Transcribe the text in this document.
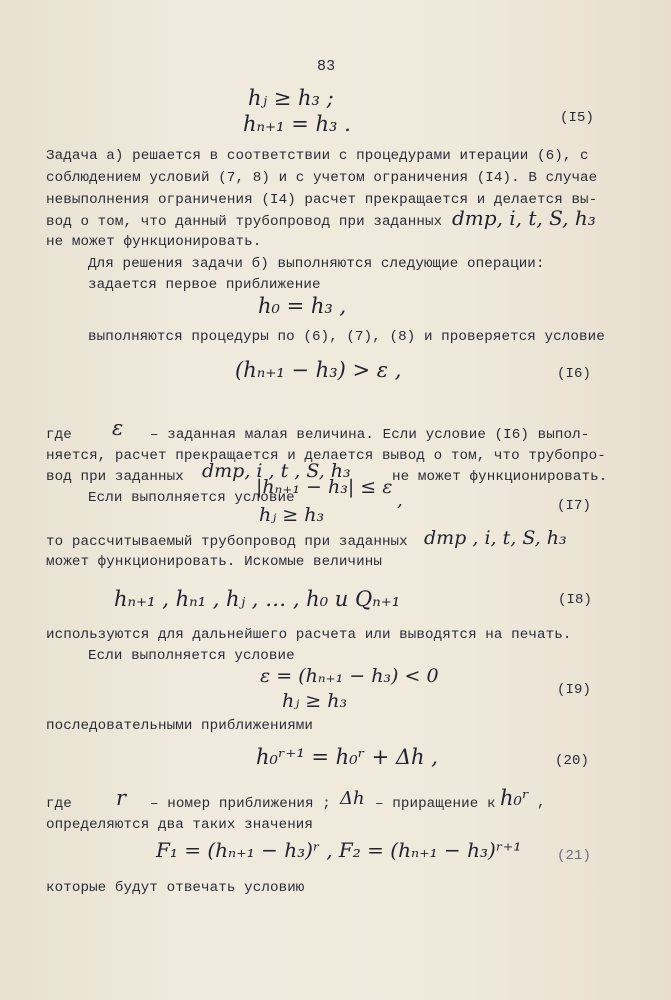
83
hⱼ ≥ h₃ ;
hₙ₊₁ = h₃ .	(I5)
Задача а) решается в соответствии с процедурами итерации (6), с
соблюдением условий (7, 8) и с учетом ограничения (I4). В случае
невыполнения ограничения (I4) расчет прекращается и делается вы-
вод о том, что данный трубопровод при заданных dтр, i, t, S, h₃
не может функционировать.
Для решения задачи б) выполняются следующие операции:
задается первое приближение
h₀ = h₃ ,
выполняются процедуры по (6), (7), (8) и проверяется условие
(hₙ₊₁ − h₃) > ε ,	(I6)
где ε – заданная малая величина. Если условие (I6) выпол-
няется, расчет прекращается и делается вывод о том, что трубопро-
вод при заданных dтр, i , t , S, h₃	не может функционировать.
Если выполняется условие
|hₙ₊₁ − h₃| ≤ ε
hⱼ ≥ h₃
,	(I7)
то рассчитываемый трубопровод при заданных dтр , i, t, S, h₃
может функционировать. Искомые величины
hₙ₊₁ , hₙ₁ , hⱼ , … , h₀ и Qₙ₊₁	(I8)
используются для дальнейшего расчета или выводятся на печать.
Если выполняется условие
ε = (hₙ₊₁ − h₃) < 0
hⱼ ≥ h₃	(I9)
последовательными приближениями
h₀ʳ⁺¹ = h₀ʳ + Δh ,	(20)
где r – номер приближения ; Δh – приращение к h₀ʳ ,
определяются два таких значения
F₁ = (hₙ₊₁ − h₃)ʳ , F₂ = (hₙ₊₁ − h₃)ʳ⁺¹	(21)
которые будут отвечать условию
